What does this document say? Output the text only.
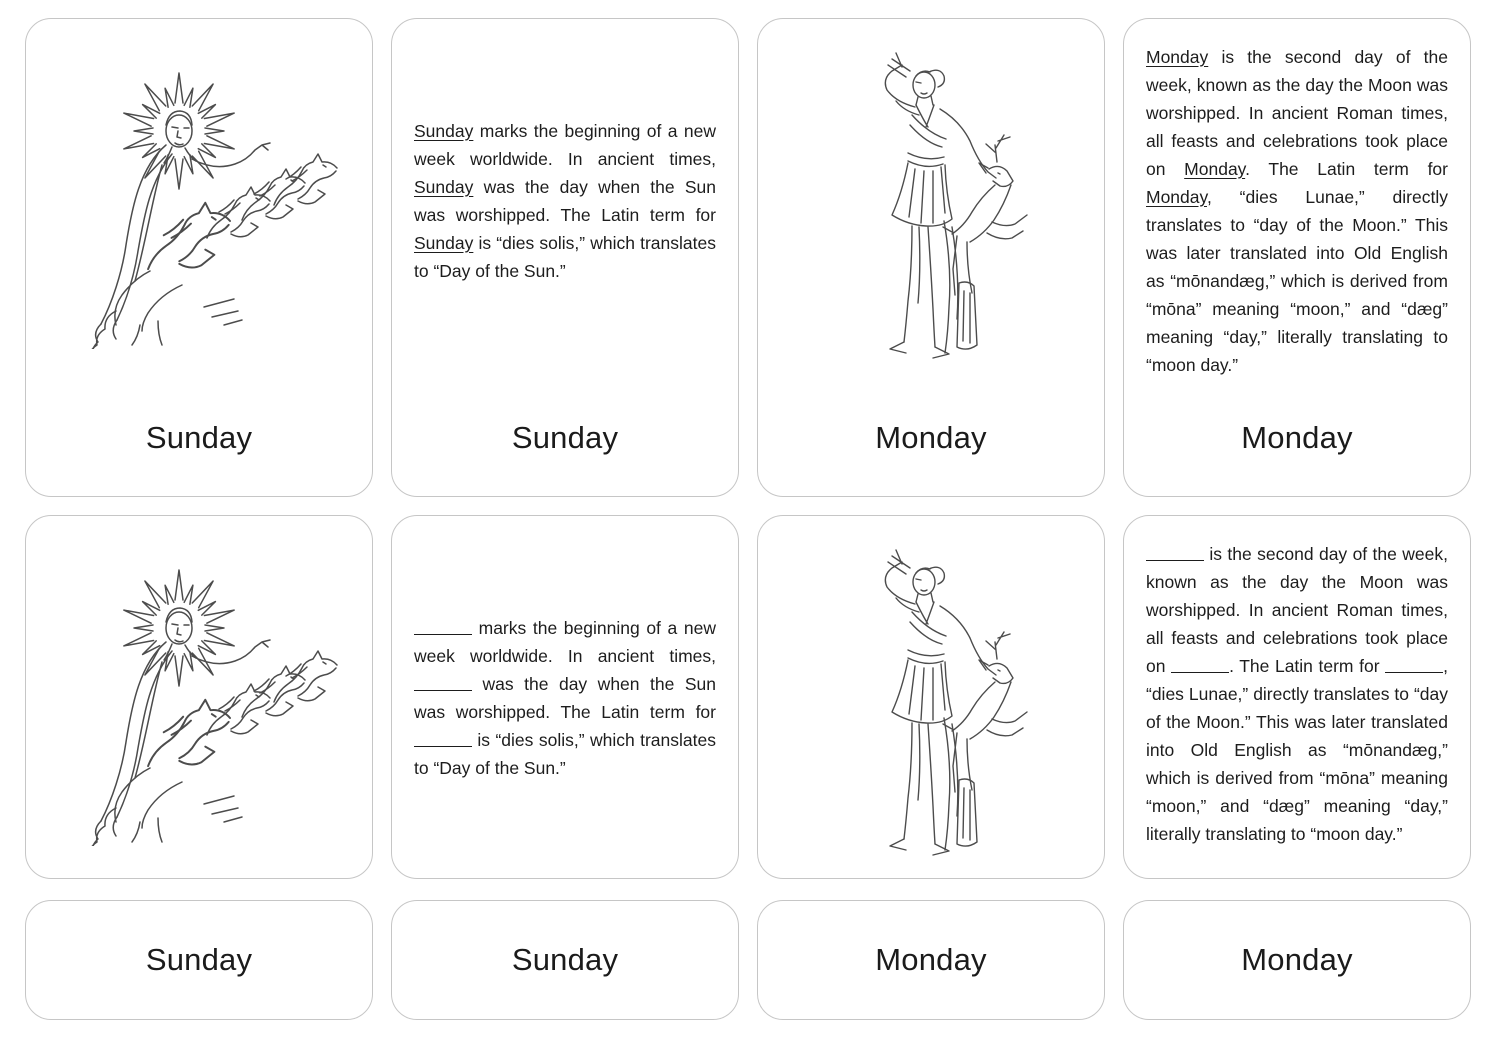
Sunday

Sunday marks the beginning of a new week worldwide. In ancient times, Sunday was the day when the Sun was worshipped. The Latin term for Sunday is “dies solis,” which translates to “Day of the Sun.”

Sunday	Monday

Monday is the second day of the week, known as the day the Moon was worshipped. In ancient Roman times, all feasts and celebrations took place on Monday. The Latin term for Monday, “dies Lunae,” directly translates to “day of the Moon.” This was later translated into Old English as “mōnandæg,” which is derived from “mōna” meaning “moon,” and “dæg” meaning “day,” literally translating to “moon day.”

Monday

marks the beginning of a new week worldwide. In ancient times,  was the day when the Sun was worshipped. The Latin term for  is “dies solis,” which translates to “Day of the Sun.”

is the second day of the week, known as the day the Moon was worshipped. In ancient Roman times, all feasts and celebrations took place on	. The Latin term for	, “dies Lunae,” directly translates to “day of the Moon.” This was later translated into Old English as “mōnandæg,” which is derived from “mōna” meaning “moon,” and “dæg” meaning “day,” literally translating to “moon day.”

Sunday	Sunday	Monday	Monday
